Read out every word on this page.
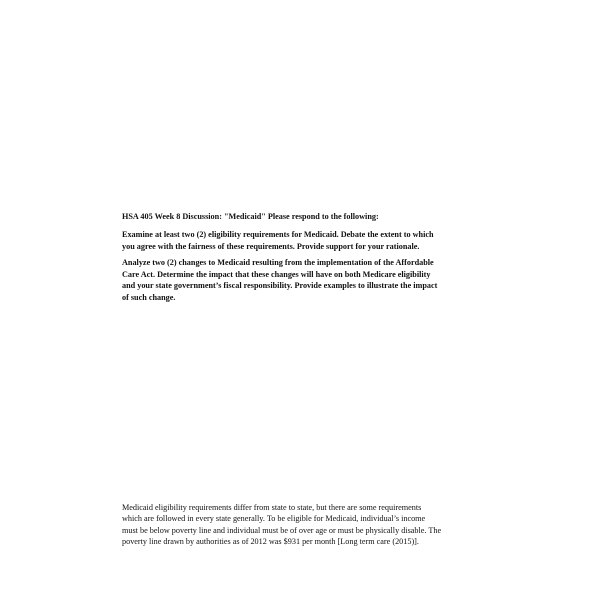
HSA 405 Week 8 Discussion: "Medicaid" Please respond to the following:

Examine at least two (2) eligibility requirements for Medicaid. Debate the extent to which
you agree with the fairness of these requirements. Provide support for your rationale.

Analyze two (2) changes to Medicaid resulting from the implementation of the Affordable
Care Act. Determine the impact that these changes will have on both Medicare eligibility
and your state government’s fiscal responsibility. Provide examples to illustrate the impact
of such change.

Medicaid eligibility requirements differ from state to state, but there are some requirements
which are followed in every state generally. To be eligible for Medicaid, individual’s income
must be below poverty line and individual must be of over age or must be physically disable. The
poverty line drawn by authorities as of 2012 was $931 per month [Long term care (2015)].
